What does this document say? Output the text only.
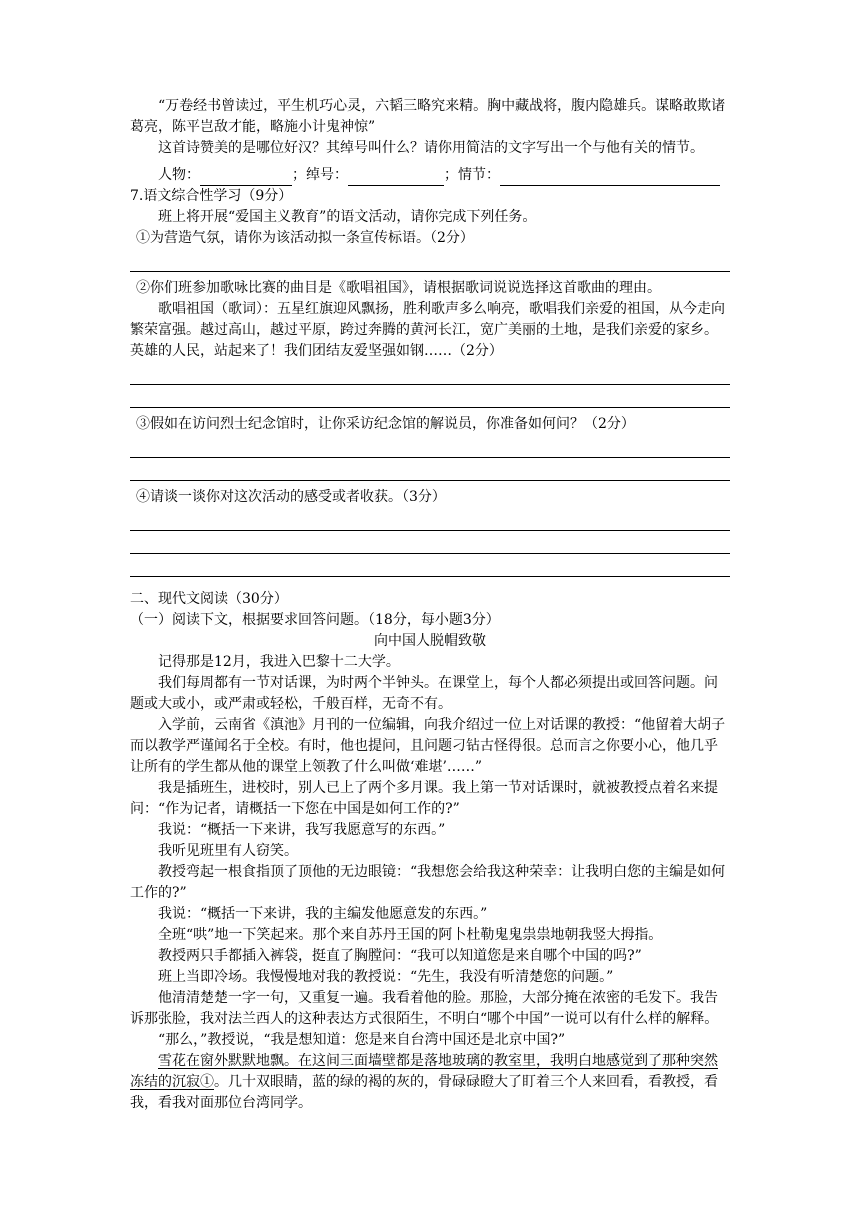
“万卷经书曾读过，平生机巧心灵，六韬三略究来精。胸中藏战将，腹内隐雄兵。谋略敢欺诸葛亮，陈平岂敌才能，略施小计鬼神惊”

这首诗赞美的是哪位好汉？其绰号叫什么？请你用简洁的文字写出一个与他有关的情节。

人物：	；绰号：	；情节：

7.语文综合性学习（9分）

班上将开展“爱国主义教育”的语文活动，请你完成下列任务。

①为营造气氛，请你为该活动拟一条宣传标语。（2分）

②你们班参加歌咏比赛的曲目是《歌唱祖国》，请根据歌词说说选择这首歌曲的理由。

歌唱祖国（歌词）：五星红旗迎风飘扬，胜利歌声多么响亮，歌唱我们亲爱的祖国，从今走向繁荣富强。越过高山，越过平原，跨过奔腾的黄河长江，宽广美丽的土地，是我们亲爱的家乡。英雄的人民，站起来了！我们团结友爱坚强如钢……（2分）

③假如在访问烈士纪念馆时，让你采访纪念馆的解说员，你准备如何问？（2分）

④请谈一谈你对这次活动的感受或者收获。（3分）

二、现代文阅读（30分）

（一）阅读下文，根据要求回答问题。（18分，每小题3分）

向中国人脱帽致敬

记得那是12月，我进入巴黎十二大学。

我们每周都有一节对话课，为时两个半钟头。在课堂上，每个人都必须提出或回答问题。问题或大或小，或严肃或轻松，千般百样，无奇不有。

入学前，云南省《滇池》月刊的一位编辑，向我介绍过一位上对话课的教授：“他留着大胡子而以教学严谨闻名于全校。有时，他也提问，且问题刁钻古怪得很。总而言之你要小心，他几乎让所有的学生都从他的课堂上领教了什么叫做‘难堪’……”

我是插班生，进校时，别人已上了两个多月课。我上第一节对话课时，就被教授点着名来提问：“作为记者，请概括一下您在中国是如何工作的?”

我说：“概括一下来讲，我写我愿意写的东西。”

我听见班里有人窃笑。

教授弯起一根食指顶了顶他的无边眼镜：“我想您会给我这种荣幸：让我明白您的主编是如何工作的?”

我说：“概括一下来讲，我的主编发他愿意发的东西。”

全班“哄”地一下笑起来。那个来自苏丹王国的阿卜杜勒鬼鬼祟祟地朝我竖大拇指。

教授两只手都插入裤袋，挺直了胸膛问：“我可以知道您是来自哪个中国的吗?”

班上当即冷场。我慢慢地对我的教授说：“先生，我没有听清楚您的问题。”

他清清楚楚一字一句，又重复一遍。我看着他的脸。那脸，大部分掩在浓密的毛发下。我告诉那张脸，我对法兰西人的这种表达方式很陌生，不明白“哪个中国”一说可以有什么样的解释。

“那么，”教授说，“我是想知道：您是来自台湾中国还是北京中国?”

雪花在窗外默默地飘。在这间三面墙壁都是落地玻璃的教室里，我明白地感觉到了那种突然冻结的沉寂①。几十双眼睛，蓝的绿的褐的灰的，骨碌碌瞪大了盯着三个人来回看，看教授，看我，看我对面那位台湾同学。
